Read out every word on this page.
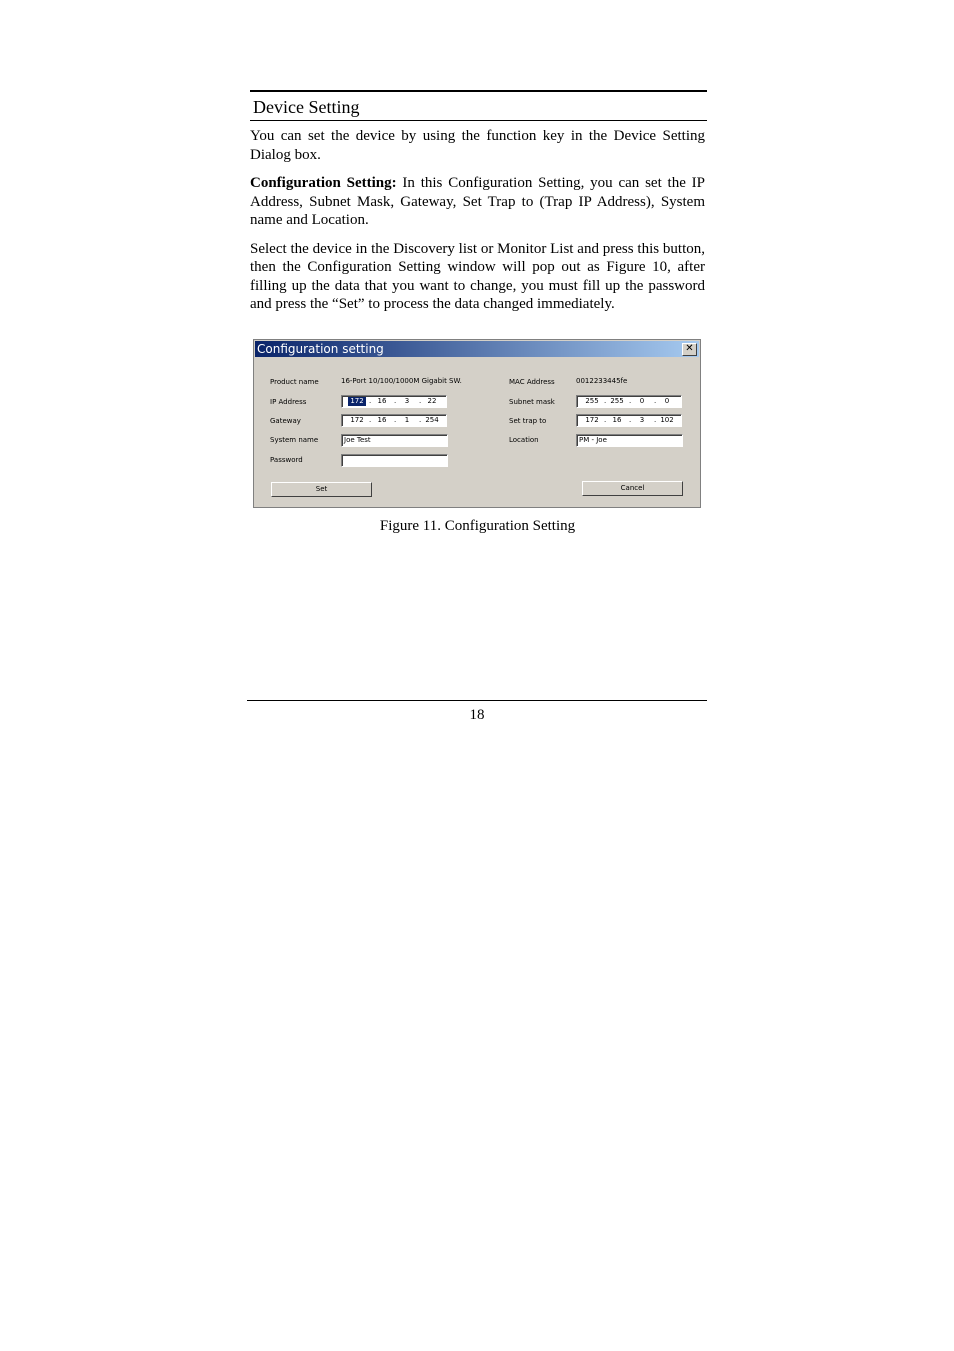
Device Setting

You can set the device by using the function key in the Device Setting Dialog box.

Configuration Setting: In this Configuration Setting, you can set the IP Address, Subnet Mask, Gateway, Set Trap to (Trap IP Address), System name and Location.

Select the device in the Discovery list or Monitor List and press this button, then the Configuration Setting window will pop out as Figure 10, after filling up the data that you want to change, you must fill up the password and press the “Set” to process the data changed immediately.

Configuration setting	✕
Product name	16-Port 10/100/1000M Gigabit SW.
IP Address	172 . 16	.	3	. 22
Gateway	172 . 16	.	1	. 254
System name	Joe Test
Password
MAC Address	0012233445fe
Subnet mask	255 . 255 .	0	.	0
Set trap to	172 . 16	.	3	. 102
Location	PM - Joe
Set	Cancel
Figure 11. Configuration Setting
18
